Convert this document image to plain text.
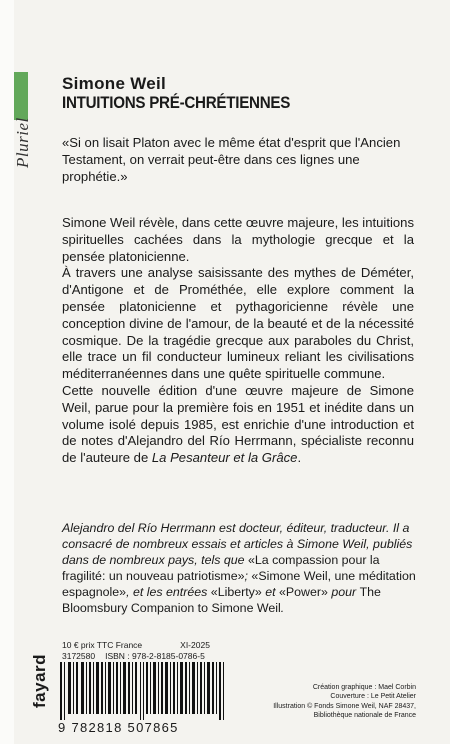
Pluriel
Simone Weil
INTUITIONS PRÉ-CHRÉTIENNES
«Si on lisait Platon avec le même état d'esprit que l'Ancien Testament, on verrait peut-être dans ces lignes une prophétie.»

Simone Weil révèle, dans cette œuvre majeure, les intuitions spirituelles cachées dans la mythologie grecque et la pensée platonicienne.

À travers une analyse saisissante des mythes de Déméter, d'Antigone et de Prométhée, elle explore comment la pensée platonicienne et pythagoricienne révèle une conception divine de l'amour, de la beauté et de la nécessité cosmique. De la tragédie grecque aux paraboles du Christ, elle trace un fil conducteur lumineux reliant les civilisations méditerranéennes dans une quête spirituelle commune.

Cette nouvelle édition d'une œuvre majeure de Simone Weil, parue pour la première fois en 1951 et inédite dans un volume isolé depuis 1985, est enrichie d'une introduction et de notes d'Alejandro del Río Herrmann, spécialiste reconnu de l'auteure de La Pesanteur et la Grâce.

Alejandro del Río Herrmann est docteur, éditeur, traducteur. Il a consacré de nombreux essais et articles à Simone Weil, publiés dans de nombreux pays, tels que «La compassion pour la fragilité: un nouveau patriotisme»; «Simone Weil, une méditation espagnole», et les entrées «Liberty» et «Power» pour The Bloomsbury Companion to Simone Weil.
10 € prix TTC France	XI-2025
3172580 ISBN : 978-2-8185-0786-5
fayard
9 782818 507865
Création graphique : Mael Corbin
Couverture : Le Petit Atelier
Illustration © Fonds Simone Weil, NAF 28437,
Bibliothèque nationale de France
